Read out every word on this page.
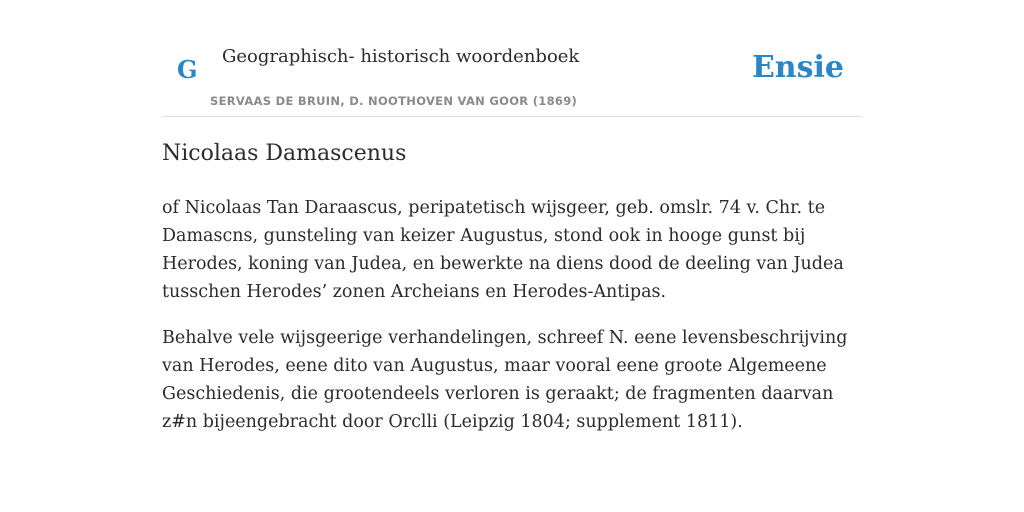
G Geographisch- historisch woordenboek
SERVAAS DE BRUIN, D. NOOTHOVEN VAN GOOR (1869)
Ensie
Nicolaas Damascenus

of Nicolaas Tan Daraascus, peripatetisch wijsgeer, geb. omslr. 74 v. Chr. te Damascns, gunsteling van keizer Augustus, stond ook in hooge gunst bij Herodes, koning van Judea, en bewerkte na diens dood de deeling van Judea tusschen Herodes’ zonen Archeians en Herodes-Antipas.

Behalve vele wijsgeerige verhandelingen, schreef N. eene levensbeschrijving van Herodes, eene dito van Augustus, maar vooral eene groote Algemeene Geschiedenis, die grootendeels verloren is geraakt; de fragmenten daarvan z#n bijeengebracht door Orclli (Leipzig 1804; supplement 1811).
